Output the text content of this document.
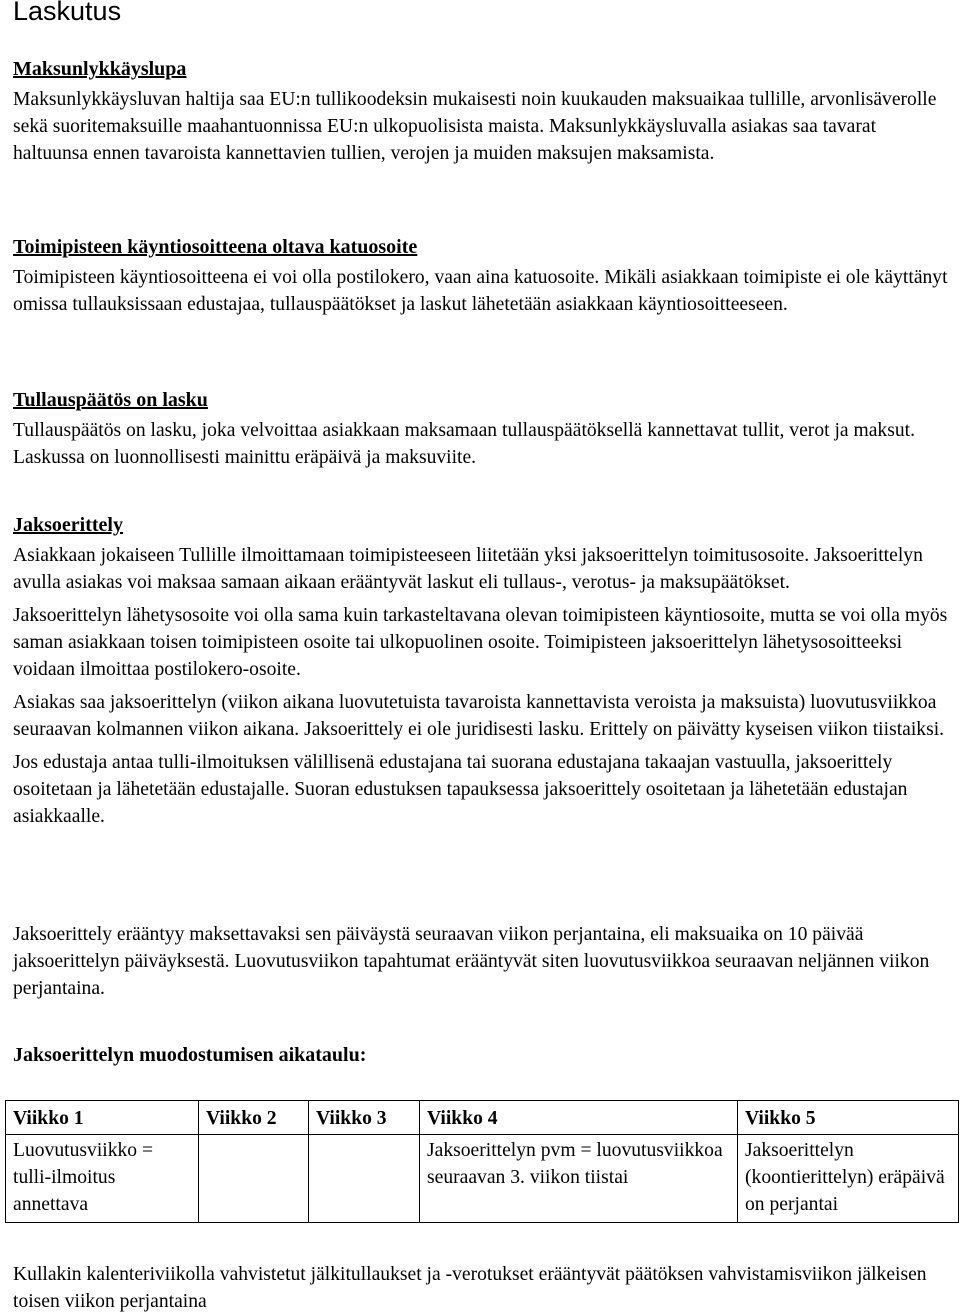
Laskutus
Maksunlykkäyslupa

Maksunlykkäysluvan haltija saa EU:n tullikoodeksin mukaisesti noin kuukauden maksuaikaa tullille, arvonlisäverolle sekä suoritemaksuille maahantuonnissa EU:n ulkopuolisista maista. Maksunlykkäysluvalla asiakas saa tavarat haltuunsa ennen tavaroista kannettavien tullien, verojen ja muiden maksujen maksamista.

Toimipisteen käyntiosoitteena oltava katuosoite

Toimipisteen käyntiosoitteena ei voi olla postilokero, vaan aina katuosoite. Mikäli asiakkaan toimipiste ei ole käyttänyt omissa tullauksissaan edustajaa, tullauspäätökset ja laskut lähetetään asiakkaan käyntiosoitteeseen.

Tullauspäätös on lasku

Tullauspäätös on lasku, joka velvoittaa asiakkaan maksamaan tullauspäätöksellä kannettavat tullit, verot ja maksut. Laskussa on luonnollisesti mainittu eräpäivä ja maksuviite.

Jaksoerittely

Asiakkaan jokaiseen Tullille ilmoittamaan toimipisteeseen liitetään yksi jaksoerittelyn toimitusosoite. Jaksoerittelyn avulla asiakas voi maksaa samaan aikaan erääntyvät laskut eli tullaus-, verotus- ja maksupäätökset.

Jaksoerittelyn lähetysosoite voi olla sama kuin tarkasteltavana olevan toimipisteen käyntiosoite, mutta se voi olla myös saman asiakkaan toisen toimipisteen osoite tai ulkopuolinen osoite. Toimipisteen jaksoerittelyn lähetysosoitteeksi voidaan ilmoittaa postilokero-osoite.

Asiakas saa jaksoerittelyn (viikon aikana luovutetuista tavaroista kannettavista veroista ja maksuista) luovutusviikkoa seuraavan kolmannen viikon aikana. Jaksoerittely ei ole juridisesti lasku. Erittely on päivätty kyseisen viikon tiistaiksi.

Jos edustaja antaa tulli-ilmoituksen välillisenä edustajana tai suorana edustajana takaajan vastuulla, jaksoerittely osoitetaan ja lähetetään edustajalle. Suoran edustuksen tapauksessa jaksoerittely osoitetaan ja lähetetään edustajan asiakkaalle.

Jaksoerittely erääntyy maksettavaksi sen päiväystä seuraavan viikon perjantaina, eli maksuaika on 10 päivää jaksoerittelyn päiväyksestä. Luovutusviikon tapahtumat erääntyvät siten luovutusviikkoa seuraavan neljännen viikon perjantaina.

Jaksoerittelyn muodostumisen aikataulu:
Viikko 1	Viikko 2	Viikko 3	Viikko 4	Viikko 5
Luovutusviikko = tulli-ilmoitus annettava			Jaksoerittelyn pvm = luovutusviikkoa seuraavan 3. viikon tiistai	Jaksoerittelyn (koontierittelyn) eräpäivä on perjantai

Kullakin kalenteriviikolla vahvistetut jälkitullaukset ja -verotukset erääntyvät päätöksen vahvistamisviikon jälkeisen toisen viikon perjantaina
